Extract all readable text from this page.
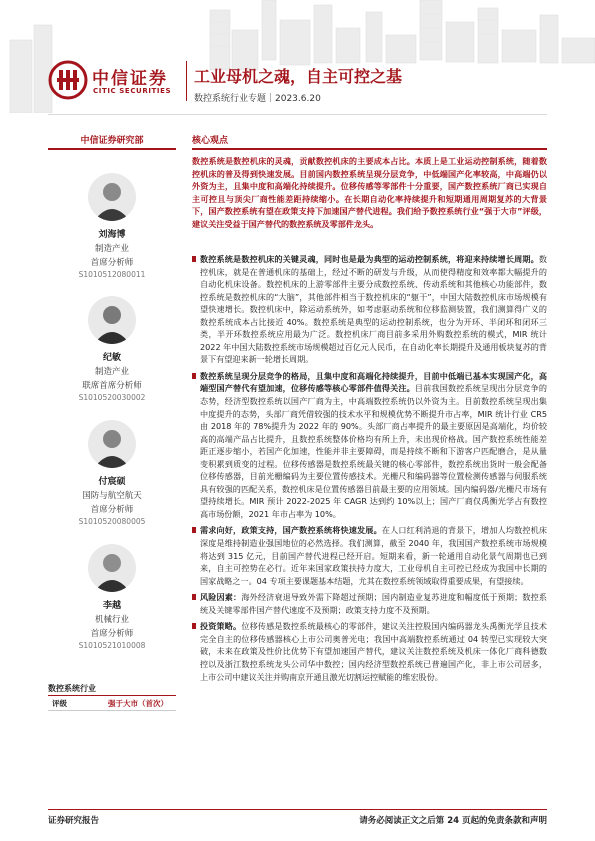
中信证券
CITIC SECURITIES
工业母机之魂，自主可控之基
数控系统行业专题｜2023.6.20
中信证券研究部
刘海博
制造产业
首席分析师
S1010512080011
纪敏
制造产业
联席首席分析师
S1010520030002
付宸硕
国防与航空航天
首席分析师
S1010520080005
李越
机械行业
首席分析师
S1010521010008
数控系统行业
评级	强于大市（首次）
核心观点
数控系统是数控机床的灵魂，贡献数控机床的主要成本占比。本质上是工业运动控制系统，随着数控机床的普及得到快速发展。目前国内数控系统呈现分层竞争，中低端国产化率较高，中高端仍以外资为主，且集中度和高端化持续提升。位移传感等零部件十分重要，国产数控系统厂商已实现自主可控且与顶尖厂商性能差距持续缩小。在长期自动化率持续提升和短期通用周期复苏的大背景下，国产数控系统有望在政策支持下加速国产替代进程。我们给予数控系统行业“强于大市”评级，建议关注受益于国产替代的数控系统及零部件龙头。
数控系统是数控机床的关键灵魂，同时也是最为典型的运动控制系统，将迎来持续增长周期。数控机床，就是在普通机床的基础上，经过不断的研发与升级，从而使得精度和效率都大幅提升的自动化机床设备。数控机床的上游零部件主要分成数控系统、传动系统和其他核心功能部件，数控系统是数控机床的“大脑”，其他部件相当于数控机床的“躯干”，中国大陆数控机床市场规模有望快速增长。数控机床中，除运动系统外，如考虑驱动系统和位移监测装置，我们测算得广义的数控系统成本占比接近 40%。数控系统是典型的运动控制系统，也分为开环、半闭环和闭环三类，半开环数控系统应用最为广泛。数控机床厂商目前多采用外购数控系统的模式，MIR 统计 2022 年中国大陆数控系统市场规模超过百亿元人民币，在自动化率长期提升及通用板块复苏的背景下有望迎来新一轮增长周期。
数控系统呈现分层竞争的格局，且集中度和高端化持续提升，目前中低端已基本实现国产化，高端型国产替代有望加速，位移传感等核心零部件值得关注。目前我国数控系统呈现出分层竞争的态势，经济型数控系统以国产厂商为主，中高端数控系统仍以外资为主。目前数控系统呈现出集中度提升的态势，头部厂商凭借较强的技术水平和规模优势不断提升市占率，MIR 统计行业 CR5 由 2018 年的 78%提升为 2022 年的 90%。头部厂商占率提升的最主要原因是高端化，均价较高的高端产品占比提升，且数控系统整体价格均有所上升，未出现价格战。国产数控系统性能差距正逐步缩小，若国产化加速，性能并非主要障碍，而是持续不断和下游客户匹配磨合，是从量变积累到质变的过程。位移传感器是数控系统最关键的核心零部件，数控系统出货时一般会配备位移传感器，目前光栅编码为主要位置传感技术。光栅尺和编码器等位置检测传感器与伺服系统具有较强的匹配关系，数控机床是位置传感器目前最主要的应用领域。国内编码器/光栅尺市场有望持续增长。MIR 预计 2022-2025 年 CAGR 达到约 10%以上；国产厂商仅禹衡光学占有数控高市场份额，2021 年市占率为 10%。
需求向好，政策支持，国产数控系统将快速发展。在人口红利消退的背景下，增加人均数控机床深度是维持制造业强国地位的必然选择。我们测算，截至 2040 年，我国国产数控系统市场规模将达到 315 亿元，目前国产替代进程已经开启。短期来看，新一轮通用自动化景气周期也已到来，自主可控势在必行。近年来国家政策扶持力度大，工业母机自主可控已经成为我国中长期的国家战略之一。04 专项主要课题基本结题，尤其在数控系统领域取得重要成果，有望接续。
风险因素：海外经济衰退导致外需下降超过预期；国内制造业复苏进度和幅度低于预期；数控系统及关键零部件国产替代速度不及预期；政策支持力度不及预期。
投资策略。位移传感是数控系统最核心的零部件，建议关注控股国内编码器龙头禹衡光学且技术完全自主的位移传感器核心上市公司奥普光电；我国中高端数控系统通过 04 转型已实现较大突破，未来在政策及性价比优势下有望加速国产替代，建议关注数控系统及机床一体化厂商科德数控以及浙江数控系统龙头公司华中数控；国内经济型数控系统已普遍国产化，非上市公司居多，上市公司中建议关注并购南京开通且激光切割运控赋能的维宏股份。
证券研究报告	请务必阅读正文之后第 24 页起的免责条款和声明
